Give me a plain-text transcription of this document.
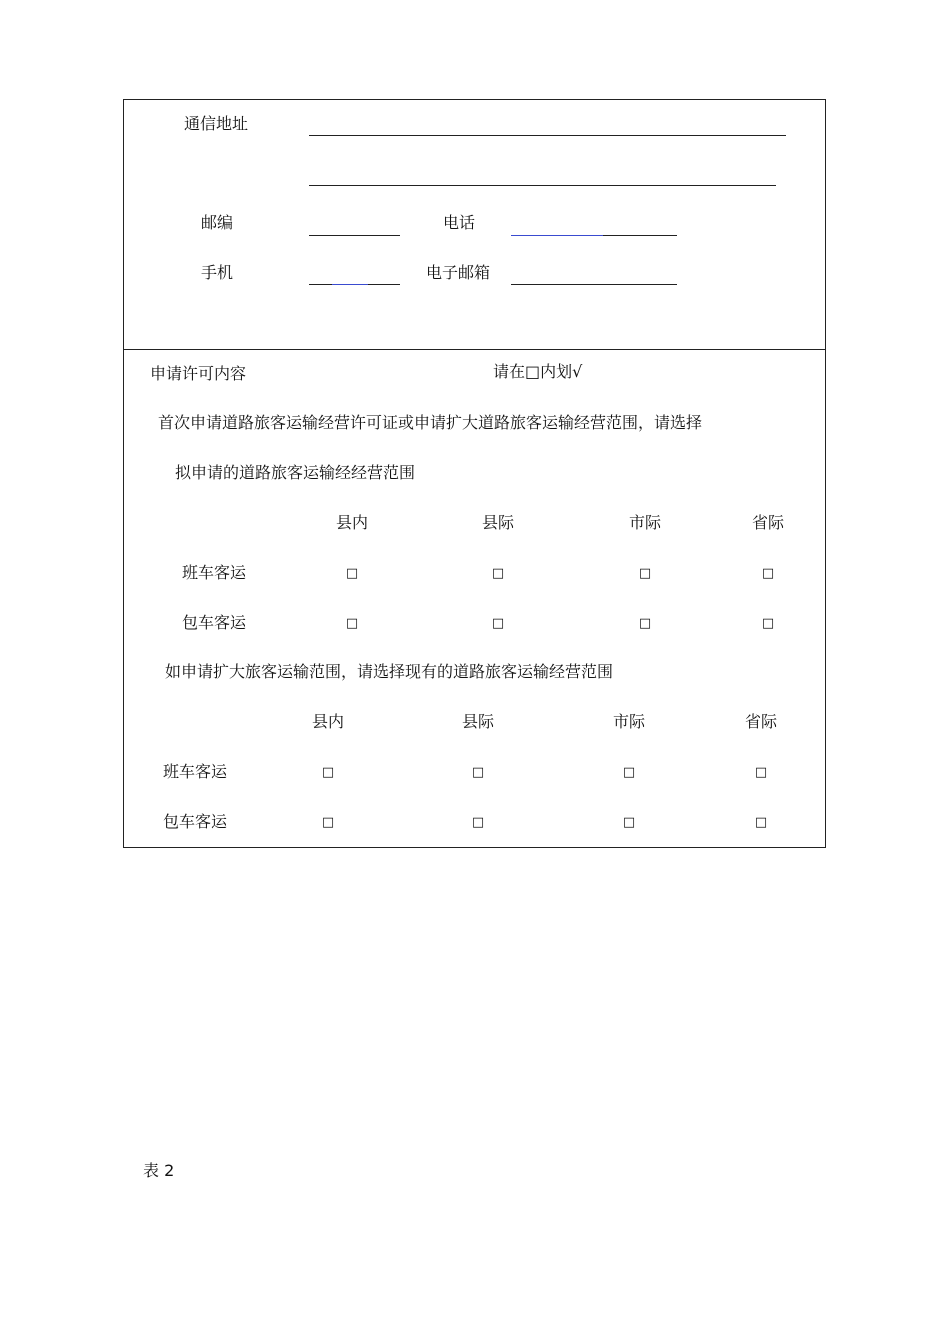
通信地址
邮编	电话
手机	电子邮箱
申请许可内容	请在□内划√
首次申请道路旅客运输经营许可证或申请扩大道路旅客运输经营范围，请选择
拟申请的道路旅客运输经经营范围
县内	县际	市际	省际
班车客运	□	□	□	□
包车客运	□	□	□	□
如申请扩大旅客运输范围，请选择现有的道路旅客运输经营范围
县内	县际	市际	省际
班车客运	□	□	□	□
包车客运	□	□	□	□
表 2
